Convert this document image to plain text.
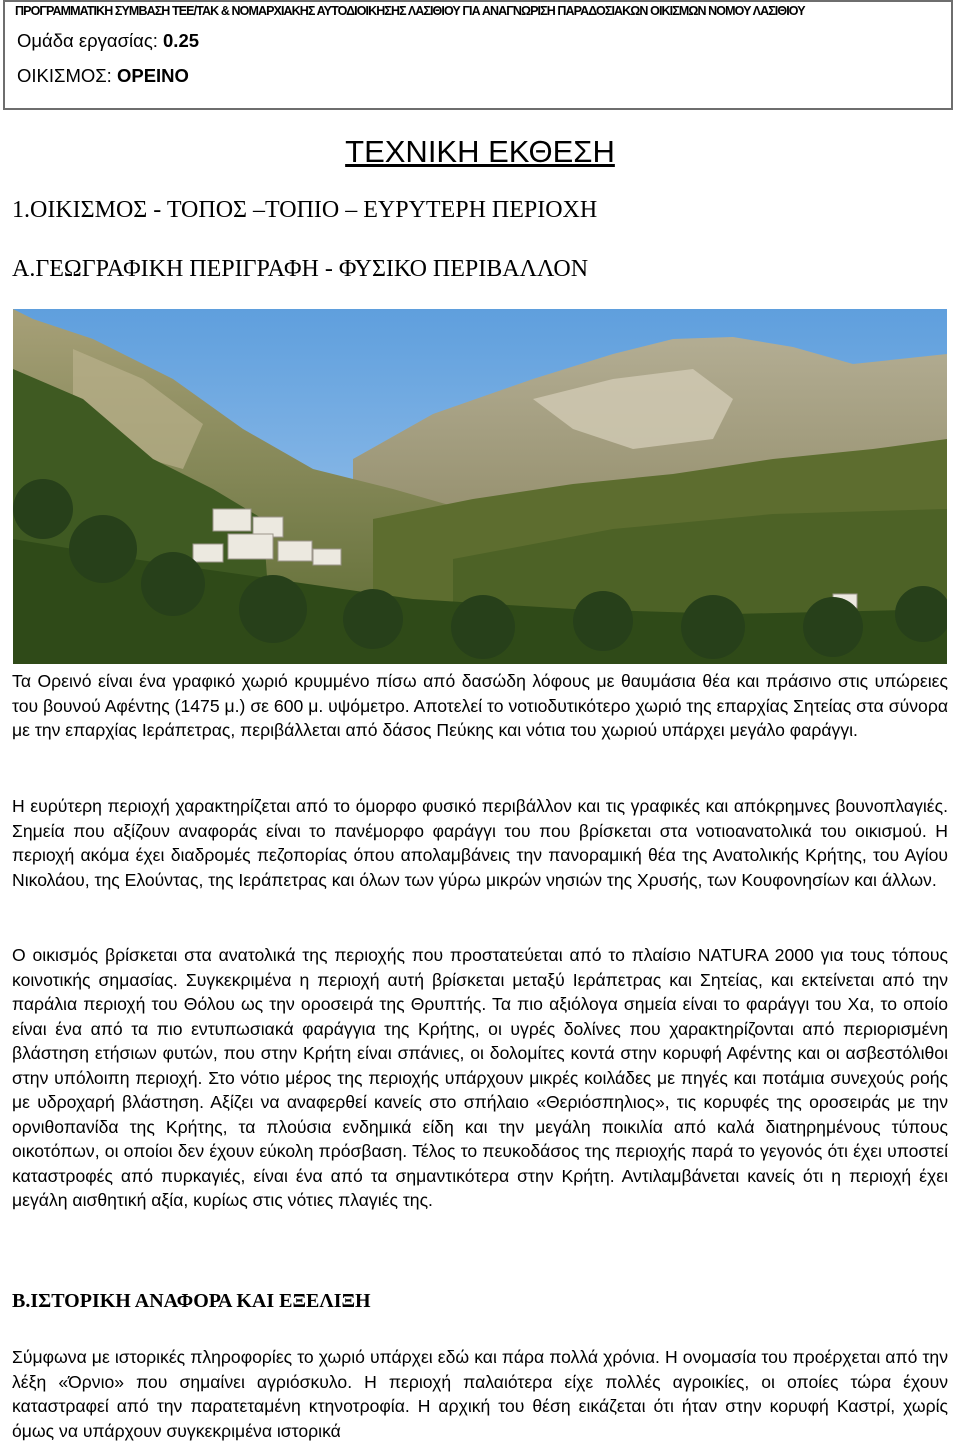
ΠΡΟΓΡΑΜΜΑΤΙΚΗ ΣΥΜΒΑΣΗ ΤΕΕ/ΤΑΚ & ΝΟΜΑΡΧΙΑΚΗΣ ΑΥΤΟΔΙΟΙΚΗΣΗΣ ΛΑΣΙΘΙΟΥ ΓΙΑ ΑΝΑΓΝΩΡΙΣΗ ΠΑΡΑΔΟΣΙΑΚΩΝ ΟΙΚΙΣΜΩΝ ΝΟΜΟΥ ΛΑΣΙΘΙΟΥ
Ομάδα εργασίας: 0.25
ΟΙΚΙΣΜΟΣ: ΟΡΕΙΝΟ
ΤΕΧΝΙΚΗ ΕΚΘΕΣΗ
1.ΟΙΚΙΣΜΟΣ - ΤΟΠΟΣ –ΤΟΠΙΟ – ΕΥΡΥΤΕΡΗ ΠΕΡΙΟΧΗ
Α.ΓΕΩΓΡΑΦΙΚΗ ΠΕΡΙΓΡΑΦΗ - ΦΥΣΙΚΟ ΠΕΡΙΒΑΛΛΟΝ

Τα Ορεινό είναι ένα γραφικό χωριό κρυμμένο πίσω από δασώδη λόφους με θαυμάσια θέα και πράσινο στις υπώρειες του βουνού Αφέντης (1475 μ.) σε 600 μ. υψόμετρο. Αποτελεί το νοτιοδυτικότερο χωριό της επαρχίας Σητείας στα σύνορα με την επαρχίας Ιεράπετρας, περιβάλλεται από δάσος Πεύκης και νότια του χωριού υπάρχει μεγάλο φαράγγι.

Η ευρύτερη περιοχή χαρακτηρίζεται από το όμορφο φυσικό περιβάλλον και τις γραφικές και απόκρημνες βουνοπλαγιές. Σημεία που αξίζουν αναφοράς είναι το πανέμορφο φαράγγι του που βρίσκεται στα νοτιοανατολικά του οικισμού. Η περιοχή ακόμα έχει διαδρομές πεζοπορίας όπου απολαμβάνεις την πανοραμική θέα της Ανατολικής Κρήτης, του Αγίου Νικολάου, της Ελούντας, της Ιεράπετρας και όλων των γύρω μικρών νησιών της Χρυσής, των Κουφονησίων και άλλων.

Ο οικισμός βρίσκεται στα ανατολικά της περιοχής που προστατεύεται από το πλαίσιο NATURA 2000 για τους τόπους κοινοτικής σημασίας. Συγκεκριμένα η περιοχή αυτή βρίσκεται μεταξύ Ιεράπετρας και Σητείας, και εκτείνεται από την παράλια περιοχή του Θόλου ως την οροσειρά της Θρυπτής. Τα πιο αξιόλογα σημεία είναι το φαράγγι του Χα, το οποίο είναι ένα από τα πιο εντυπωσιακά φαράγγια της Κρήτης, οι υγρές δολίνες που χαρακτηρίζονται από περιορισμένη βλάστηση ετήσιων φυτών, που στην Κρήτη είναι σπάνιες, οι δολομίτες κοντά στην κορυφή Αφέντης και οι ασβεστόλιθοι στην υπόλοιπη περιοχή. Στο νότιο μέρος της περιοχής υπάρχουν μικρές κοιλάδες με πηγές και ποτάμια συνεχούς ροής με υδροχαρή βλάστηση. Αξίζει να αναφερθεί κανείς στο σπήλαιο «Θεριόσπηλιος», τις κορυφές της οροσειράς με την ορνιθοπανίδα της Κρήτης, τα πλούσια ενδημικά είδη και την μεγάλη ποικιλία από καλά διατηρημένους τύπους οικοτόπων, οι οποίοι δεν έχουν εύκολη πρόσβαση. Τέλος το πευκοδάσος της περιοχής παρά το γεγονός ότι έχει υποστεί καταστροφές από πυρκαγιές, είναι ένα από τα σημαντικότερα στην Κρήτη. Αντιλαμβάνεται κανείς ότι η περιοχή έχει μεγάλη αισθητική αξία, κυρίως στις νότιες πλαγιές της.

Β.ΙΣΤΟΡΙΚΗ ΑΝΑΦΟΡΑ ΚΑΙ ΕΞΕΛΙΞΗ

Σύμφωνα με ιστορικές πληροφορίες το χωριό υπάρχει εδώ και πάρα πολλά χρόνια. Η ονομασία του προέρχεται από την λέξη «Όρνιο» που σημαίνει αγριόσκυλο. Η περιοχή παλαιότερα είχε πολλές αγροικίες, οι οποίες τώρα έχουν καταστραφεί από την παρατεταμένη κτηνοτροφία. Η αρχική του θέση εικάζεται ότι ήταν στην κορυφή Καστρί, χωρίς όμως να υπάρχουν συγκεκριμένα ιστορικά
